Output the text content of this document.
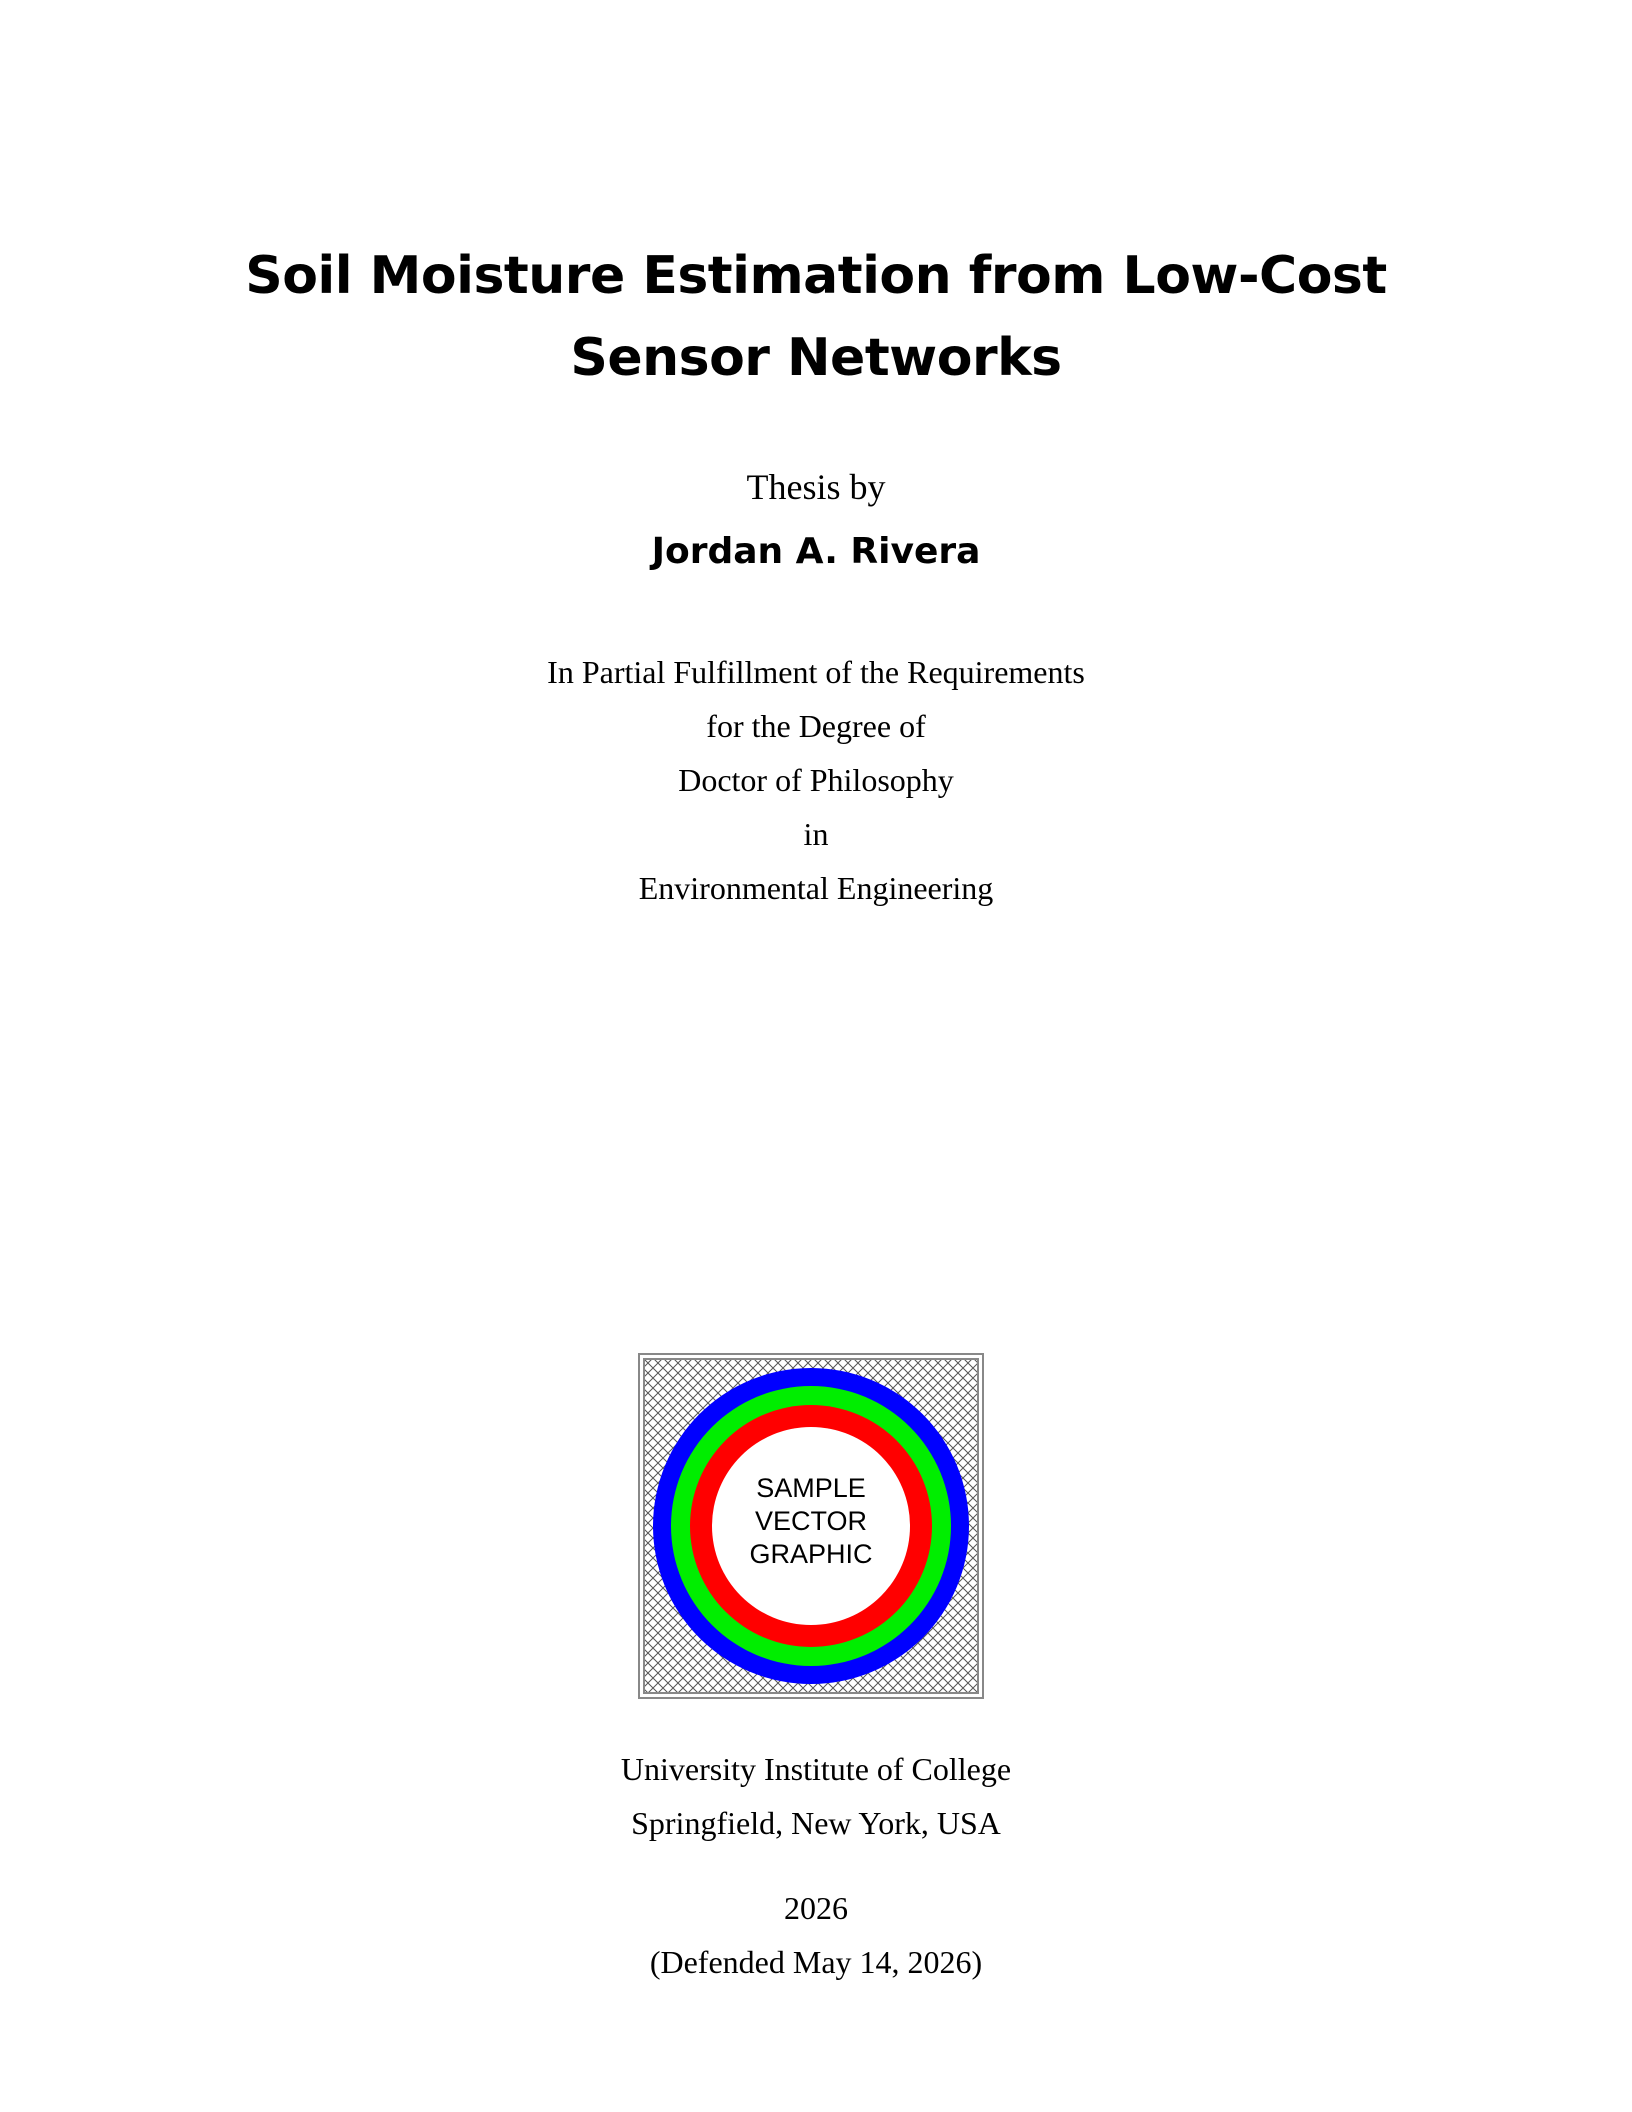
Soil Moisture Estimation from Low-Cost
Sensor Networks
Thesis by
Jordan A. Rivera
In Partial Fulfillment of the Requirements
for the Degree of
Doctor of Philosophy
in
Environmental Engineering
SAMPLE
VECTOR
GRAPHIC
University Institute of College
Springfield, New York, USA
2026
(Defended May 14, 2026)
